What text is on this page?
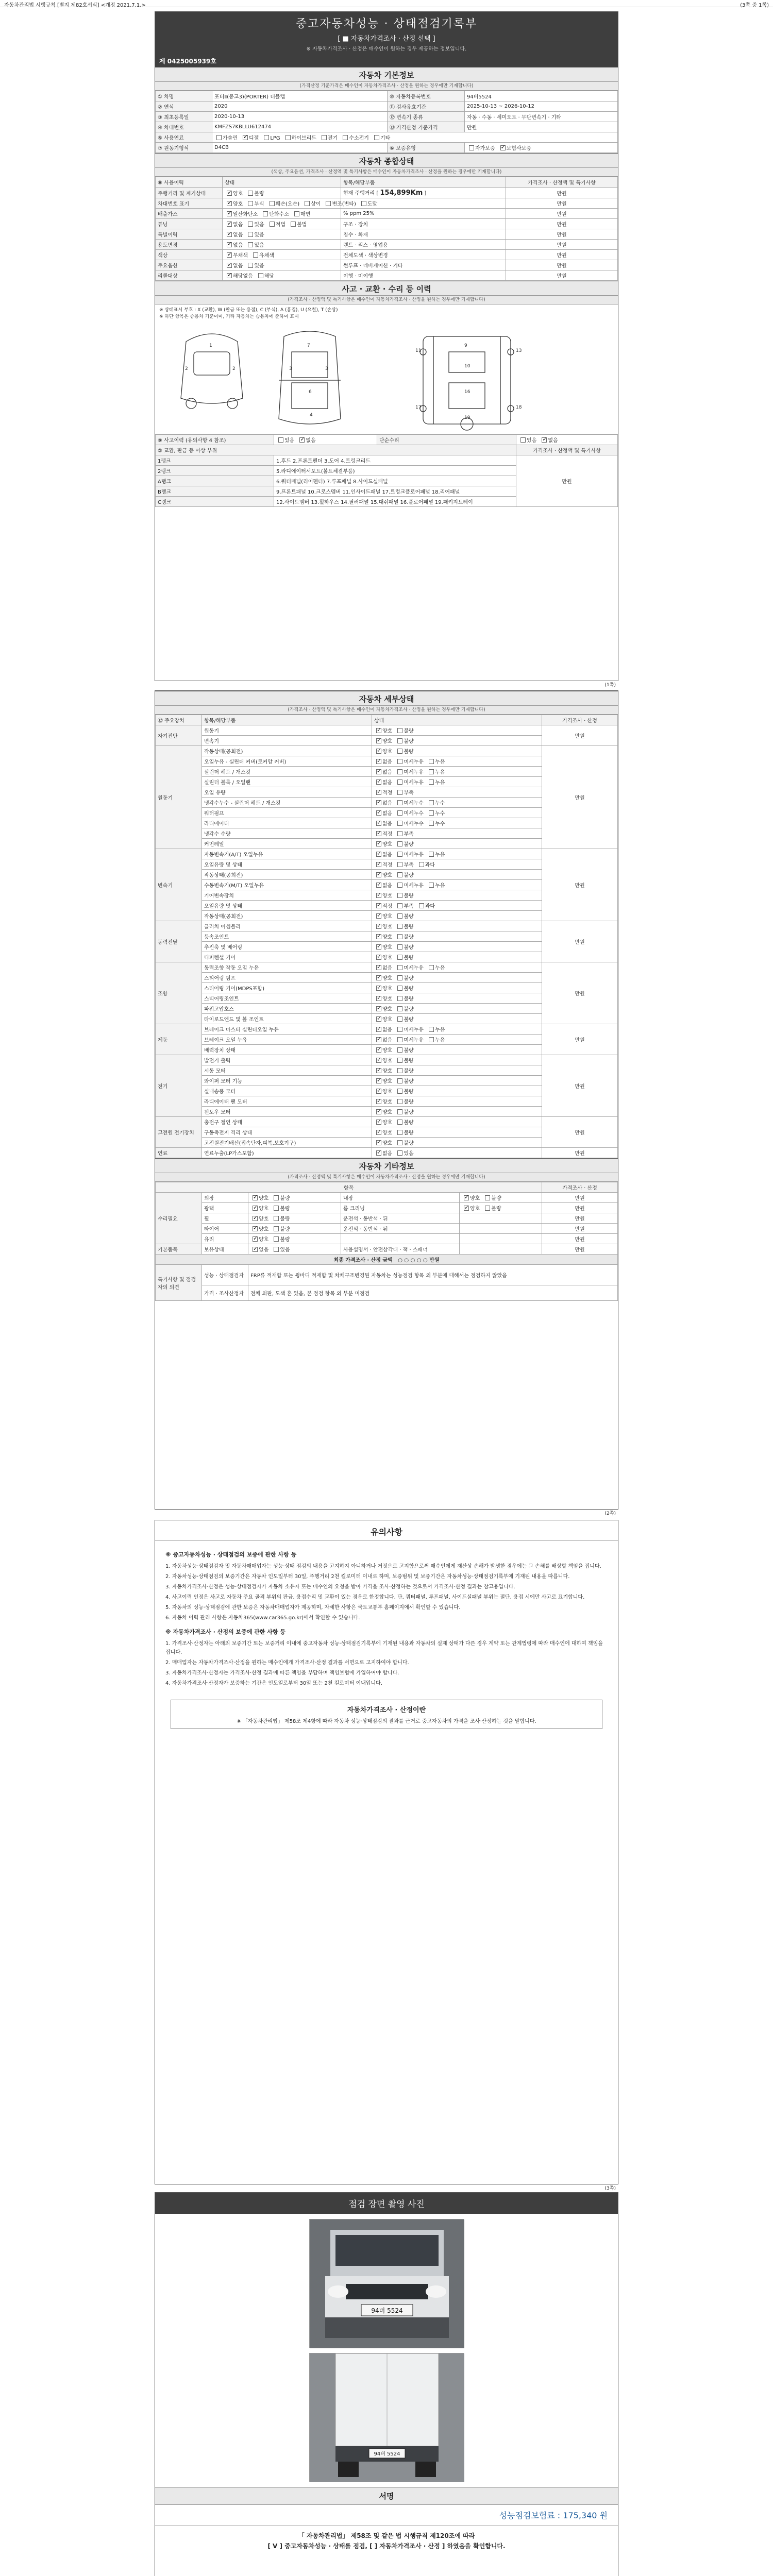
자동차관리법 시행규칙 [별지 제82호서식] <개정 2021.7.1.>	(3쪽 중 1쪽)
중고자동차성능 · 상태점검기록부
[ ■ 자동차가격조사 · 산정 선택 ]
※ 자동차가격조사 · 산정은 매수인이 원하는 경우 제공하는 정보입니다.
제 0425005939호
자동차 기본정보
(가격산정 기준가격은 매수인이 자동차가격조사 · 산정을 원하는 경우에만 기재합니다)
① 차명	포터Ⅱ(봉고3)(PORTER) 더블캡	⑩ 자동차등록번호	94버5524
② 연식	2020	⑪ 검사유효기간	2025-10-13 ~ 2026-10-12
③ 최초등록일	2020-10-13	⑫ 변속기 종류	자동 · 수동 · 세미오토 · 무단변속기 · 기타
④ 차대번호	KMFZS7KBLLU612474	⑬ 가격산정 기준가격	만원
⑤ 사용연료	가솔린 ✓ 디젤 LPG 하이브리드 전기 수소전기 기타
⑦ 원동기형식	D4CB	⑥ 보증유형	자가보증 ✓ 보험사보증
자동차 종합상태
(색상, 주요옵션, 가격조사 · 산정액 및 특기사항은 매수인이 자동차가격조사 · 산정을 원하는 경우에만 기재합니다)
⑧ 사용이력	상태	항목/해당부품	가격조사 · 산정액 및 특기사항
주행거리 및 계기상태	✓양호 불량	현재 주행거리 [ 154,899Km ]	만원
차대번호 표기	✓양호 부식 훼손(오손) 상이 변조(변타) 도말		만원
배출가스	✓일산화탄소 탄화수소 매연	% ppm 25%	만원
튜닝	✓없음 있음 적법 불법	구조 · 장치	만원
특별이력	✓없음 있음	침수 · 화재	만원
용도변경	✓없음 있음	렌트 · 리스 · 영업용	만원
색상	✓무채색 유채색	전체도색 · 색상변경	만원
주요옵션	✓없음 있음	썬루프 · 네비게이션 · 기타	만원
리콜대상	✓해당없음 해당	이행 · 미이행	만원
사고 · 교환 · 수리 등 이력
(가격조사 · 산정액 및 특기사항은 매수인이 자동차가격조사 · 산정을 원하는 경우에만 기재합니다)
※ 상태표시 부호 : X (교환), W (판금 또는 용접), C (부식), A (흠집), U (요철), T (손상)
※ 하단 항목은 승용차 기준이며, 기타 자동차는 승용차에 준하여 표시
1
2	2
7
3	3
6
4
9
10
16
11	13
17	18
19
⑨ 사고이력 (유의사항 4 참조)	있음 ✓ 없음	단순수리	있음 ✓ 없음
② 교환, 판금 등 이상 부위			가격조사 · 산정액 및 특기사항
1랭크	1.후드 2.프론트펜더 3.도어 4.트렁크리드		만원
2랭크	5.라디에이터서포트(볼트체결부품)		
A랭크	6.쿼터패널(리어펜더) 7.루프패널 8.사이드실패널		
B랭크	9.프론트패널 10.크로스멤버 11.인사이드패널 17.트렁크플로어패널 18.리어패널		
C랭크	12.사이드멤버 13.휠하우스 14.필러패널 15.대쉬패널 16.플로어패널 19.패키지트레이		
(1쪽)
자동차 세부상태
(가격조사 · 산정액 및 특기사항은 매수인이 자동차가격조사 · 산정을 원하는 경우에만 기재합니다)
⑫ 주요장치	항목/해당부품	상태	가격조사 · 산정
자기진단	원동기	✓양호 불량	만원
	변속기	✓양호 불량
원동기	작동상태(공회전)	✓양호 불량	만원
	오일누유 - 실린더 커버(로커암 커버)	✓없음 미세누유 누유
	실린더 헤드 / 개스킷	✓없음 미세누유 누유
	실린더 블록 / 오일팬	✓없음 미세누유 누유
	오일 유량	✓적정 부족
	냉각수누수 - 실린더 헤드 / 개스킷	✓없음 미세누수 누수
	워터펌프	✓없음 미세누수 누수
	라디에이터	✓없음 미세누수 누수
	냉각수 수량	✓적정 부족
	커먼레일	✓양호 불량
변속기	자동변속기(A/T) 오일누유	✓없음 미세누유 누유	만원
	오일유량 및 상태	✓적정 부족 과다
	작동상태(공회전)	✓양호 불량
	수동변속기(M/T) 오일누유	✓없음 미세누유 누유
	기어변속장치	✓양호 불량
	오일유량 및 상태	✓적정 부족 과다
	작동상태(공회전)	✓양호 불량
동력전달	클러치 어셈블리	✓양호 불량	만원
	등속조인트	✓양호 불량
	추진축 및 베어링	✓양호 불량
	디퍼렌셜 기어	✓양호 불량
조향	동력조향 작동 오일 누유	✓없음 미세누유 누유	만원
	스티어링 펌프	✓양호 불량
	스티어링 기어(MDPS포함)	✓양호 불량
	스티어링조인트	✓양호 불량
	파워고압호스	✓양호 불량
	타이로드엔드 및 볼 조인트	✓양호 불량
제동	브레이크 마스터 실린더오일 누유	✓없음 미세누유 누유	만원
	브레이크 오일 누유	✓없음 미세누유 누유
	배력장치 상태	✓양호 불량
전기	발전기 출력	✓양호 불량	만원
	시동 모터	✓양호 불량
	와이퍼 모터 기능	✓양호 불량
	실내송풍 모터	✓양호 불량
	라디에이터 팬 모터	✓양호 불량
	윈도우 모터	✓양호 불량
고전원 전기장치	충전구 절연 상태	✓양호 불량	만원
	구동축전지 격리 상태	✓양호 불량
	고전원전기배선(접속단자,피복,보호기구)	✓양호 불량
연료	연료누출(LP가스포함)	✓없음 있음	만원
자동차 기타정보
(가격조사 · 산정액 및 특기사항은 매수인이 자동차가격조사 · 산정을 원하는 경우에만 기재합니다)
항목					가격조사 · 산정
수리필요	외장	✓양호 불량	내장	✓양호 불량	만원
	광택	✓양호 불량	룸 크리닝	✓양호 불량	만원
	휠	✓양호 불량	운전석 · 동반석 · 뒤		만원
	타이어	✓양호 불량	운전석 · 동반석 · 뒤		만원
	유리	✓양호 불량			만원
기본품목	보유상태	✓없음 있음	사용설명서 · 안전삼각대 · 잭 · 스패너		만원
최종 가격조사 · 산정 금액 ○ ○ ○ ○ ○ 만원					
특기사항 및 점검자의 의견	성능 · 상태점검자	FRP류 적재함 또는 윙바디 적재함 및 차체구조변경된 자동차는 성능점검 항목 외 부분에 대해서는 점검하지 않았음			
	가격 · 조사산정자	전체 외판, 도색 흔 있음, 본 점검 항목 외 부분 미점검			
(2쪽)
유의사항
※ 중고자동차성능 · 상태점검의 보증에 관한 사항 등

1. 자동차성능·상태점검자 및 자동차매매업자는 성능·상태 점검의 내용을 고지하지 아니하거나 거짓으로 고지함으로써 매수인에게 재산상 손해가 발생한 경우에는 그 손해를 배상할 책임을 집니다.

2. 자동차성능·상태점검의 보증기간은 자동차 인도일부터 30일, 주행거리 2천 킬로미터 이내로 하며, 보증범위 및 보증기간은 자동차성능·상태점검기록부에 기재된 내용을 따릅니다.

3. 자동차가격조사·산정은 성능·상태점검자가 자동차 소유자 또는 매수인의 요청을 받아 가격을 조사·산정하는 것으로서 가격조사·산정 결과는 참고용입니다.

4. 사고이력 인정은 사고로 자동차 주요 골격 부위의 판금, 용접수리 및 교환이 있는 경우로 한정합니다. 단, 쿼터패널, 루프패널, 사이드실패널 부위는 절단, 용접 시에만 사고로 표기합니다.

5. 자동차의 성능·상태점검에 관한 보증은 자동차매매업자가 제공하며, 자세한 사항은 국토교통부 홈페이지에서 확인할 수 있습니다.

6. 자동차 이력 관리 사항은 자동차365(www.car365.go.kr)에서 확인할 수 있습니다.

※ 자동차가격조사 · 산정의 보증에 관한 사항 등

1. 가격조사·산정자는 아래의 보증기간 또는 보증거리 이내에 중고자동차 성능·상태점검기록부에 기재된 내용과 자동차의 실제 상태가 다른 경우 계약 또는 관계법령에 따라 매수인에 대하여 책임을 집니다.

2. 매매업자는 자동차가격조사·산정을 원하는 매수인에게 가격조사·산정 결과를 서면으로 고지하여야 합니다.

3. 자동차가격조사·산정자는 가격조사·산정 결과에 따른 책임을 부담하며 책임보험에 가입하여야 합니다.

4. 자동차가격조사·산정자가 보증하는 기간은 인도일로부터 30일 또는 2천 킬로미터 이내입니다.

자동차가격조사 · 산정이란
※ 「자동차관리법」 제58조 제4항에 따라 자동차 성능·상태점검의 결과를 근거로 중고자동차의 가격을 조사·산정하는 것을 말합니다.
(3쪽)
점검 장면 촬영 사진
94버 5524
94버 5524
서명
성능점검보험료 : 175,340 원
「 자동차관리법」 제58조 및 같은 법 시행규칙 제120조에 따라
[ V ] 중고자동차성능 · 상태를 점검, [ ] 자동차가격조사 · 산정 ] 하였음을 확인합니다.
